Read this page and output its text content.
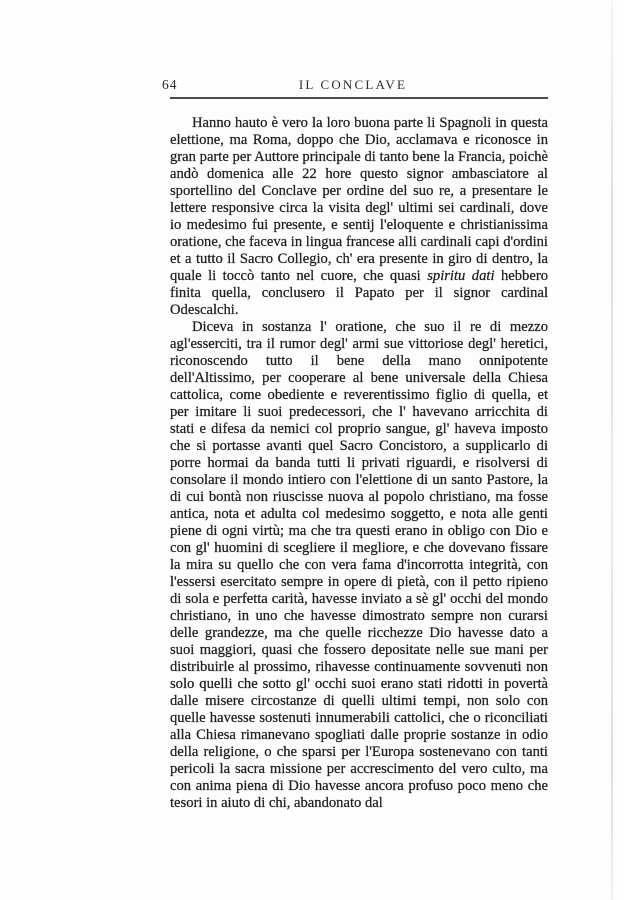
64	IL CONCLAVE

Hanno hauto è vero la loro buona parte li Spagnoli in questa elettione, ma Roma, doppo che Dio, acclamava e riconosce in gran parte per Auttore principale di tanto bene la Francia, poichè andò domenica alle 22 hore questo signor ambasciatore al sportellino del Conclave per ordine del suo re, a presentare le lettere responsive circa la visita degl' ultimi sei cardinali, dove io medesimo fui presente, e sentij l'eloquente e christianissima oratione, che faceva in lingua francese alli cardinali capi d'ordini et a tutto il Sacro Collegio, ch' era presente in giro di dentro, la quale li toccò tanto nel cuore, che quasi spiritu dati hebbero finita quella, conclusero il Papato per il signor cardinal Odescalchi.

Diceva in sostanza l' oratione, che suo il re di mezzo agl'esserciti, tra il rumor degl' armi sue vittoriose degl' heretici, riconoscendo tutto il bene della mano onnipotente dell'Altissimo, per cooperare al bene universale della Chiesa cattolica, come obediente e reverentissimo figlio di quella, et per imitare li suoi predecessori, che l' havevano arricchita di stati e difesa da nemici col proprio sangue, gl' haveva imposto che si portasse avanti quel Sacro Concistoro, a supplicarlo di porre hormai da banda tutti li privati riguardi, e risolversi di consolare il mondo intiero con l'elettione di un santo Pastore, la di cui bontà non riuscisse nuova al popolo christiano, ma fosse antica, nota et adulta col medesimo soggetto, e nota alle genti piene di ogni virtù; ma che tra questi erano in obligo con Dio e con gl' huomini di scegliere il megliore, e che dovevano fissare la mira su quello che con vera fama d'incorrotta integrità, con l'essersi esercitato sempre in opere di pietà, con il petto ripieno di sola e perfetta carità, havesse inviato a sè gl' occhi del mondo christiano, in uno che havesse dimostrato sempre non curarsi delle grandezze, ma che quelle ricchezze Dio havesse dato a suoi maggiori, quasi che fossero depositate nelle sue mani per distribuirle al prossimo, rihavesse continuamente sovvenuti non solo quelli che sotto gl' occhi suoi erano stati ridotti in povertà dalle misere circostanze di quelli ultimi tempi, non solo con quelle havesse sostenuti innumerabili cattolici, che o riconciliati alla Chiesa rimanevano spogliati dalle proprie sostanze in odio della religione, o che sparsi per l'Europa sostenevano con tanti pericoli la sacra missione per accrescimento del vero culto, ma con anima piena di Dio havesse ancora profuso poco meno che tesori in aiuto di chi, abandonato dal
